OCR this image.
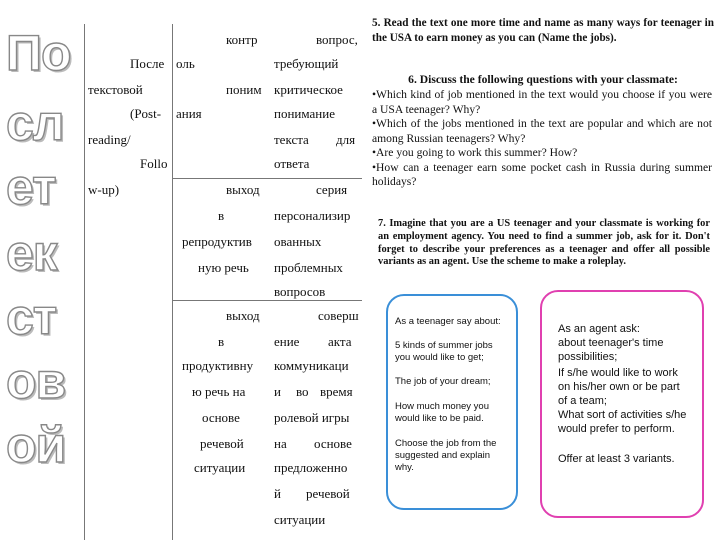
По
сл
ет
ек
ст
ов
ой
После
текстовой
(Post-
reading/
Follo
w-up)
контр
оль
поним
ания
выход
в
репродуктив
ную речь
выход
в
продуктивну
ю речь на
основе
речевой
ситуации
вопрос,
требующий
критическое
понимание
текста для
ответа
серия
персонализир
ованных
проблемных
вопросов
соверш
ение акта
коммуникаци
и во время
ролевой игры
на основе
предложенно
й речевой
ситуации
5. Read the text one more time and name as many ways for teenager in the USA to earn money as you can (Name the jobs).
6. Discuss the following questions with your classmate:
•Which kind of job mentioned in the text would you choose if you were a USA teenager? Why?
•Which of the jobs mentioned in the text are popular and which are not among Russian teenagers? Why?
•Are you going to work this summer? How?
•How can a teenager earn some pocket cash in Russia during summer holidays?
7. Imagine that you are a US teenager and your classmate is working for an employment agency. You need to find a summer job, ask for it. Don't forget to describe your preferences as a teenager and offer all possible variants as an agent. Use the scheme to make a roleplay.
As a teenager say about:
5 kinds of summer jobs you would like to get;
The job of your dream;
How much money you would like to be paid.
Choose the job from the suggested and explain why.
As an agent ask:
about teenager's time possibilities;
If s/he would like to work on his/her own or be part of a team;
What sort of activities s/he would prefer to perform.
Offer at least 3 variants.
